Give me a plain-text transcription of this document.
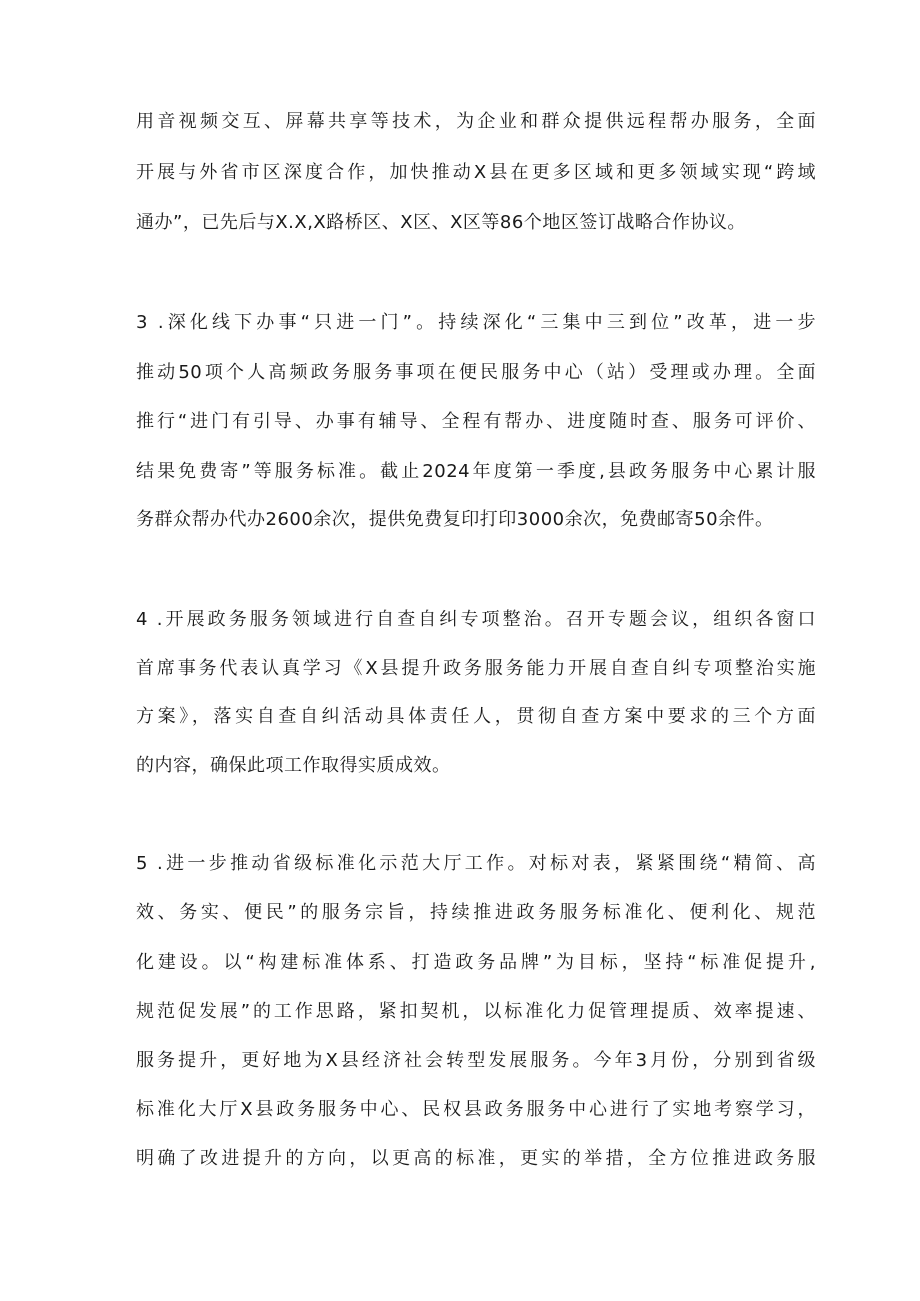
用音视频交互、屏幕共享等技术，为企业和群众提供远程帮办服务，全面

开展与外省市区深度合作，加快推动X县在更多区域和更多领域实现“跨域

通办”，已先后与X.X,X路桥区、X区、X区等86个地区签订战略合作协议。

3 .深化线下办事“只进一门”。持续深化“三集中三到位”改革，进一步

推动50项个人高频政务服务事项在便民服务中心（站）受理或办理。全面

推行“进门有引导、办事有辅导、全程有帮办、进度随时查、服务可评价、

结果免费寄”等服务标准。截止2024年度第一季度,县政务服务中心累计服

务群众帮办代办2600余次，提供免费复印打印3000余次，免费邮寄50余件。

4 .开展政务服务领域进行自查自纠专项整治。召开专题会议，组织各窗口

首席事务代表认真学习《X县提升政务服务能力开展自查自纠专项整治实施

方案》，落实自查自纠活动具体责任人，贯彻自查方案中要求的三个方面

的内容，确保此项工作取得实质成效。

5 .进一步推动省级标准化示范大厅工作。对标对表，紧紧围绕“精简、高

效、务实、便民”的服务宗旨，持续推进政务服务标准化、便利化、规范

化建设。以“构建标准体系、打造政务品牌”为目标，坚持“标准促提升,

规范促发展”的工作思路，紧扣契机，以标准化力促管理提质、效率提速、

服务提升，更好地为X县经济社会转型发展服务。今年3月份，分别到省级

标准化大厅X县政务服务中心、民权县政务服务中心进行了实地考察学习，

明确了改进提升的方向，以更高的标准，更实的举措，全方位推进政务服
